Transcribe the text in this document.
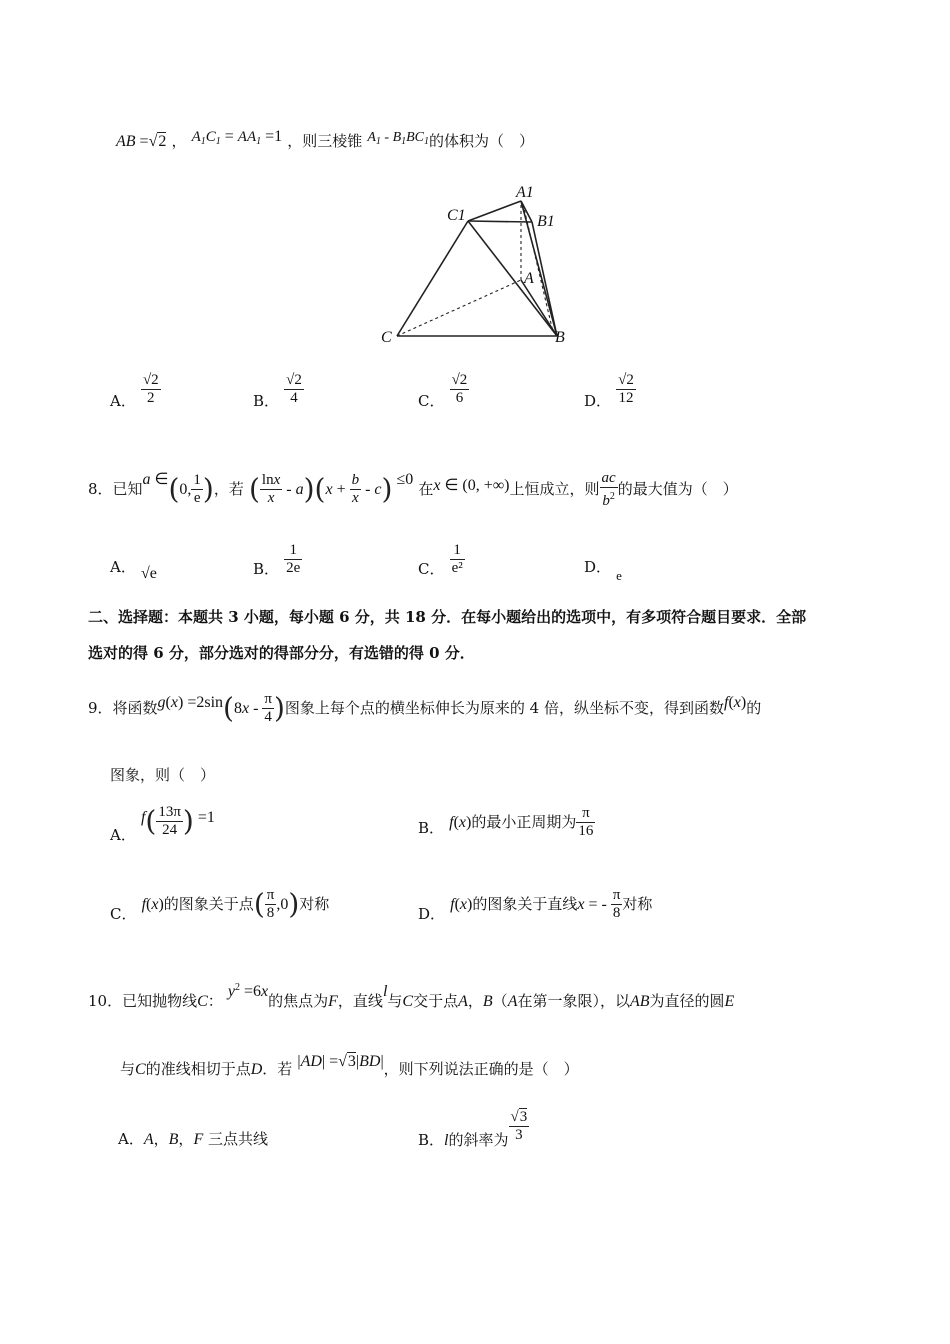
AB =√2 ， $A_1C_1 = AA_1 =1$ ，则三棱锥 $A_1 - B_1BC_1$的体积为（　）
A1
C1	B1
A
C	B
A． $\frac{√2}{2}$	B． $\frac{√2}{4}$	C． $\frac{√2}{6}$	D． $\frac{√2}{12}$
8．已知a ∈(0, $\frac{1}{e}$ )，若 ( $\frac{\ln x}{x} - a)(x + \frac{b}{x} - c) \le 0$ 在x ∈ (0, +∞)上恒成立，则 $\frac{ac}{b^2}$ 的最大值为（　）
A． √e	B． $\frac{1}{2e}$	C． $\frac{1}{\text{e²}}$	D． $_e$
二、选择题：本题共 3 小题，每小题 6 分，共 18 分．在每小题给出的选项中，有多项符合题目要求．全部
选对的得 6 分，部分选对的得部分分，有选错的得 0 分．
9．将函数$g(x) =2\sin(8x - \frac{\pi}{4}$ )图象上每个点的横坐标伸长为原来的 4 倍，纵坐标不变，得到函数f(x)的
图象，则（　）
A． $f( \frac{13\pi}{24}$ ) =1
B． f(x)的最小正周期为 $\frac{\pi}{16}$
C． f(x)的图象关于点( $\frac{\pi}{8} ,0$)对称
D． f(x)的图象关于直线x = - $\frac{\pi}{8}$ 对称
10．已知抛物线C： $y^2 =6x$的焦点为F，直线l与C交于点A，B（A在第一象限），以AB为直径的圆E
与C的准线相切于点D．若 |AD| =√3|BD|，则下列说法正确的是（　）
A．A，B，F 三点共线	B．l的斜率为 $\frac{√3}{3}$
